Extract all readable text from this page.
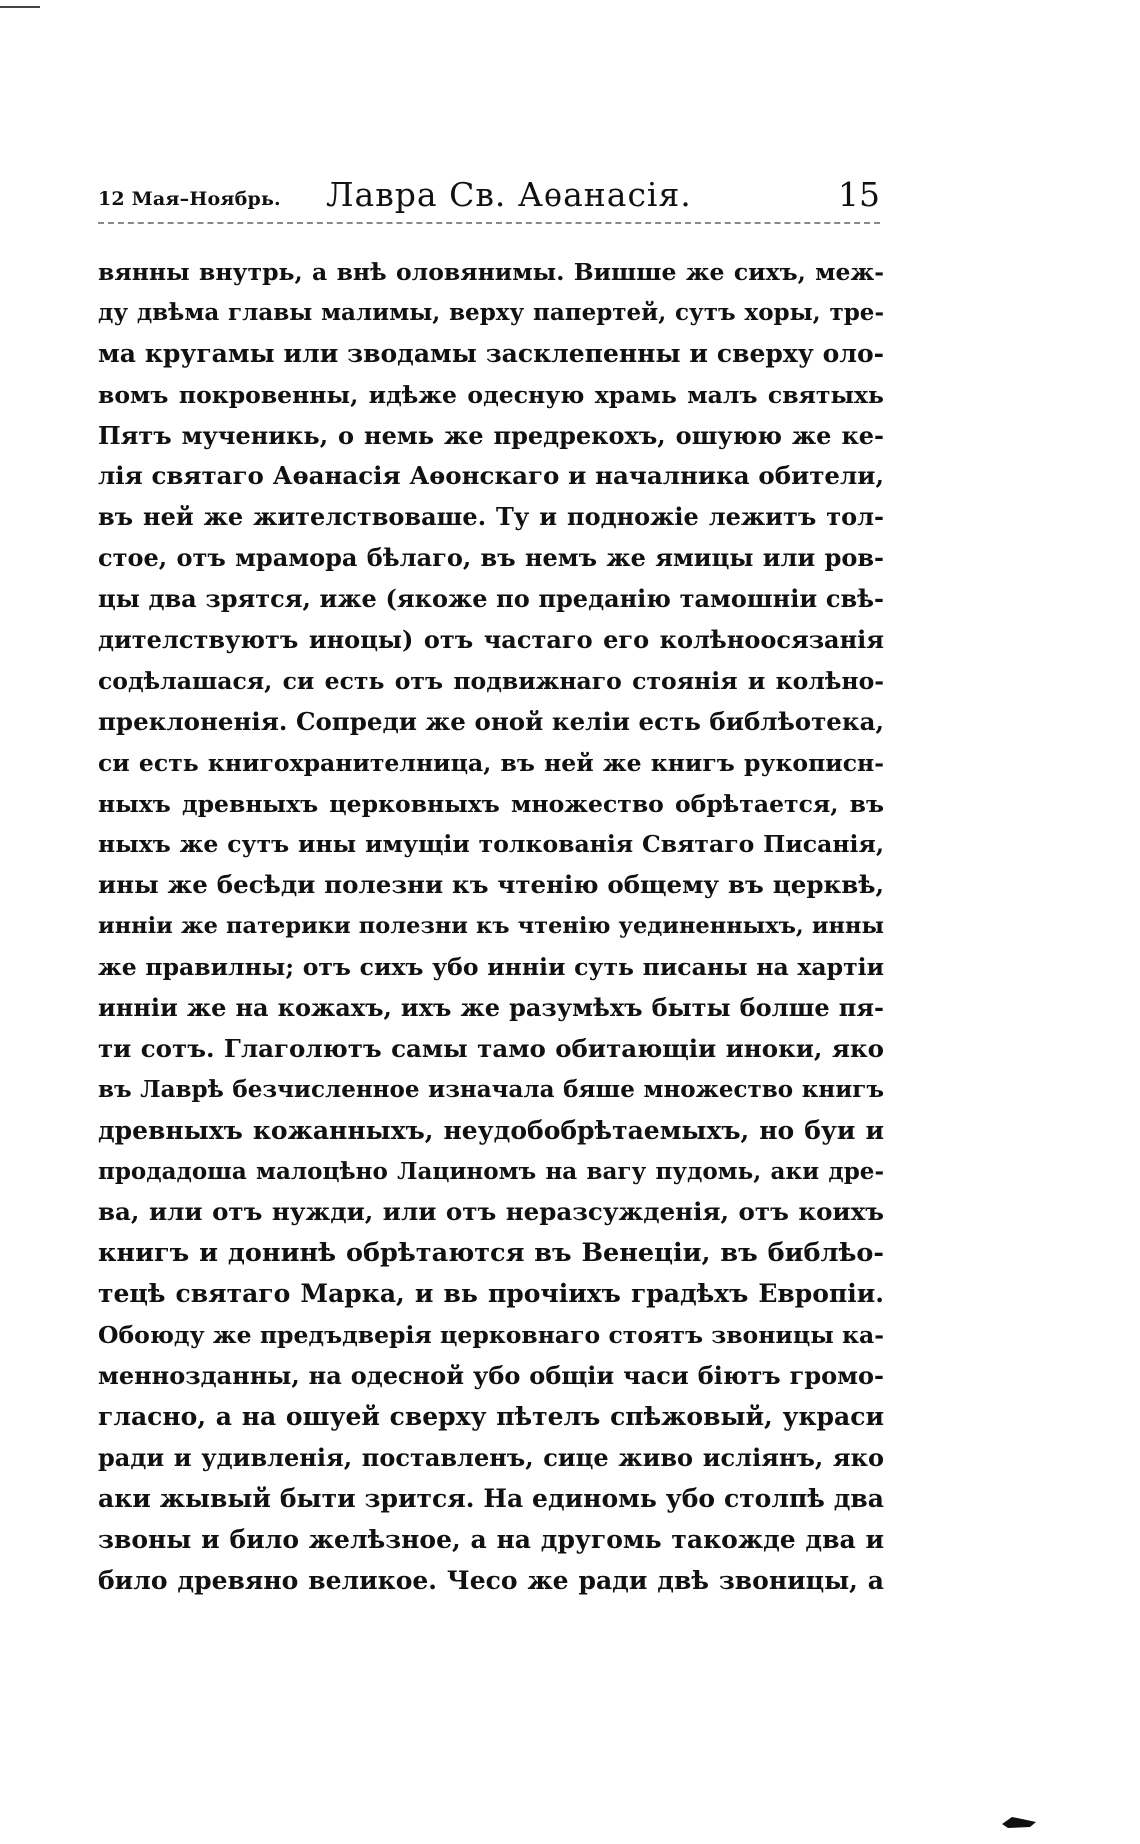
12 Мая–Ноябрь. Лавра Св. Аѳанасія.	15
вянны внутрь, а внѣ оловянимы. Вишше же сихъ, меж-
ду двѣма главы малимы, верху папертей, сутъ хоры, тре-
ма кругамы или зводамы засклепенны и сверху оло-
вомъ покровенны, идѣже одесную храмь малъ святыхь
Пятъ мученикь, о немь же предрекохъ, ошуюю же ке-
лія святаго Аѳанасія Аѳонскаго и началника обители,
въ ней же жителствоваше. Ту и подножіе лежитъ тол-
стое, отъ мрамора бѣлаго, въ немъ же ямицы или ров-
цы два зрятся, иже (якоже по преданію тамошніи свѣ-
дителствуютъ иноцы) отъ частаго его колѣноосязанія
содѣлашася, си есть отъ подвижнаго стоянія и колѣно-
преклоненія. Сопреди же оной келіи есть библѣотека,
си есть книгохранителница, въ ней же книгъ рукописн-
ныхъ древныхъ церковныхъ множество обрѣтается, въ
ныхъ же сутъ ины имущіи толкованія Святаго Писанія,
ины же бесѣди полезни къ чтенію общему въ церквѣ,
инніи же патерики полезни къ чтенію уединенныхъ, инны
же правилны; отъ сихъ убо инніи суть писаны на хартіи
инніи же на кожахъ, ихъ же разумѣхъ быты болше пя-
ти сотъ. Глаголютъ самы тамо обитающіи иноки, яко
въ Лаврѣ безчисленное изначала бяше множество книгъ
древныхъ кожанныхъ, неудобобрѣтаемыхъ, но буи и
продадоша малоцѣно Лациномъ на вагу пудомь, аки дре-
ва, или отъ нужди, или отъ неразсужденія, отъ коихъ
книгъ и донинѣ обрѣтаются въ Венеціи, въ библѣо-
тецѣ святаго Марка, и вь прочіихъ градѣхъ Европіи.
Обоюду же предъдверія церковнаго стоятъ звоницы ка-
меннозданны, на одесной убо общіи часи біютъ громо-
гласно, а на ошуей сверху пѣтелъ спѣжовый, украси
ради и удивленія, поставленъ, сице живо исліянъ, яко
аки жывый быти зрится. На единомь убо столпѣ два
звоны и било желѣзное, а на другомь такожде два и
било древяно великое. Чесо же ради двѣ звоницы, а
